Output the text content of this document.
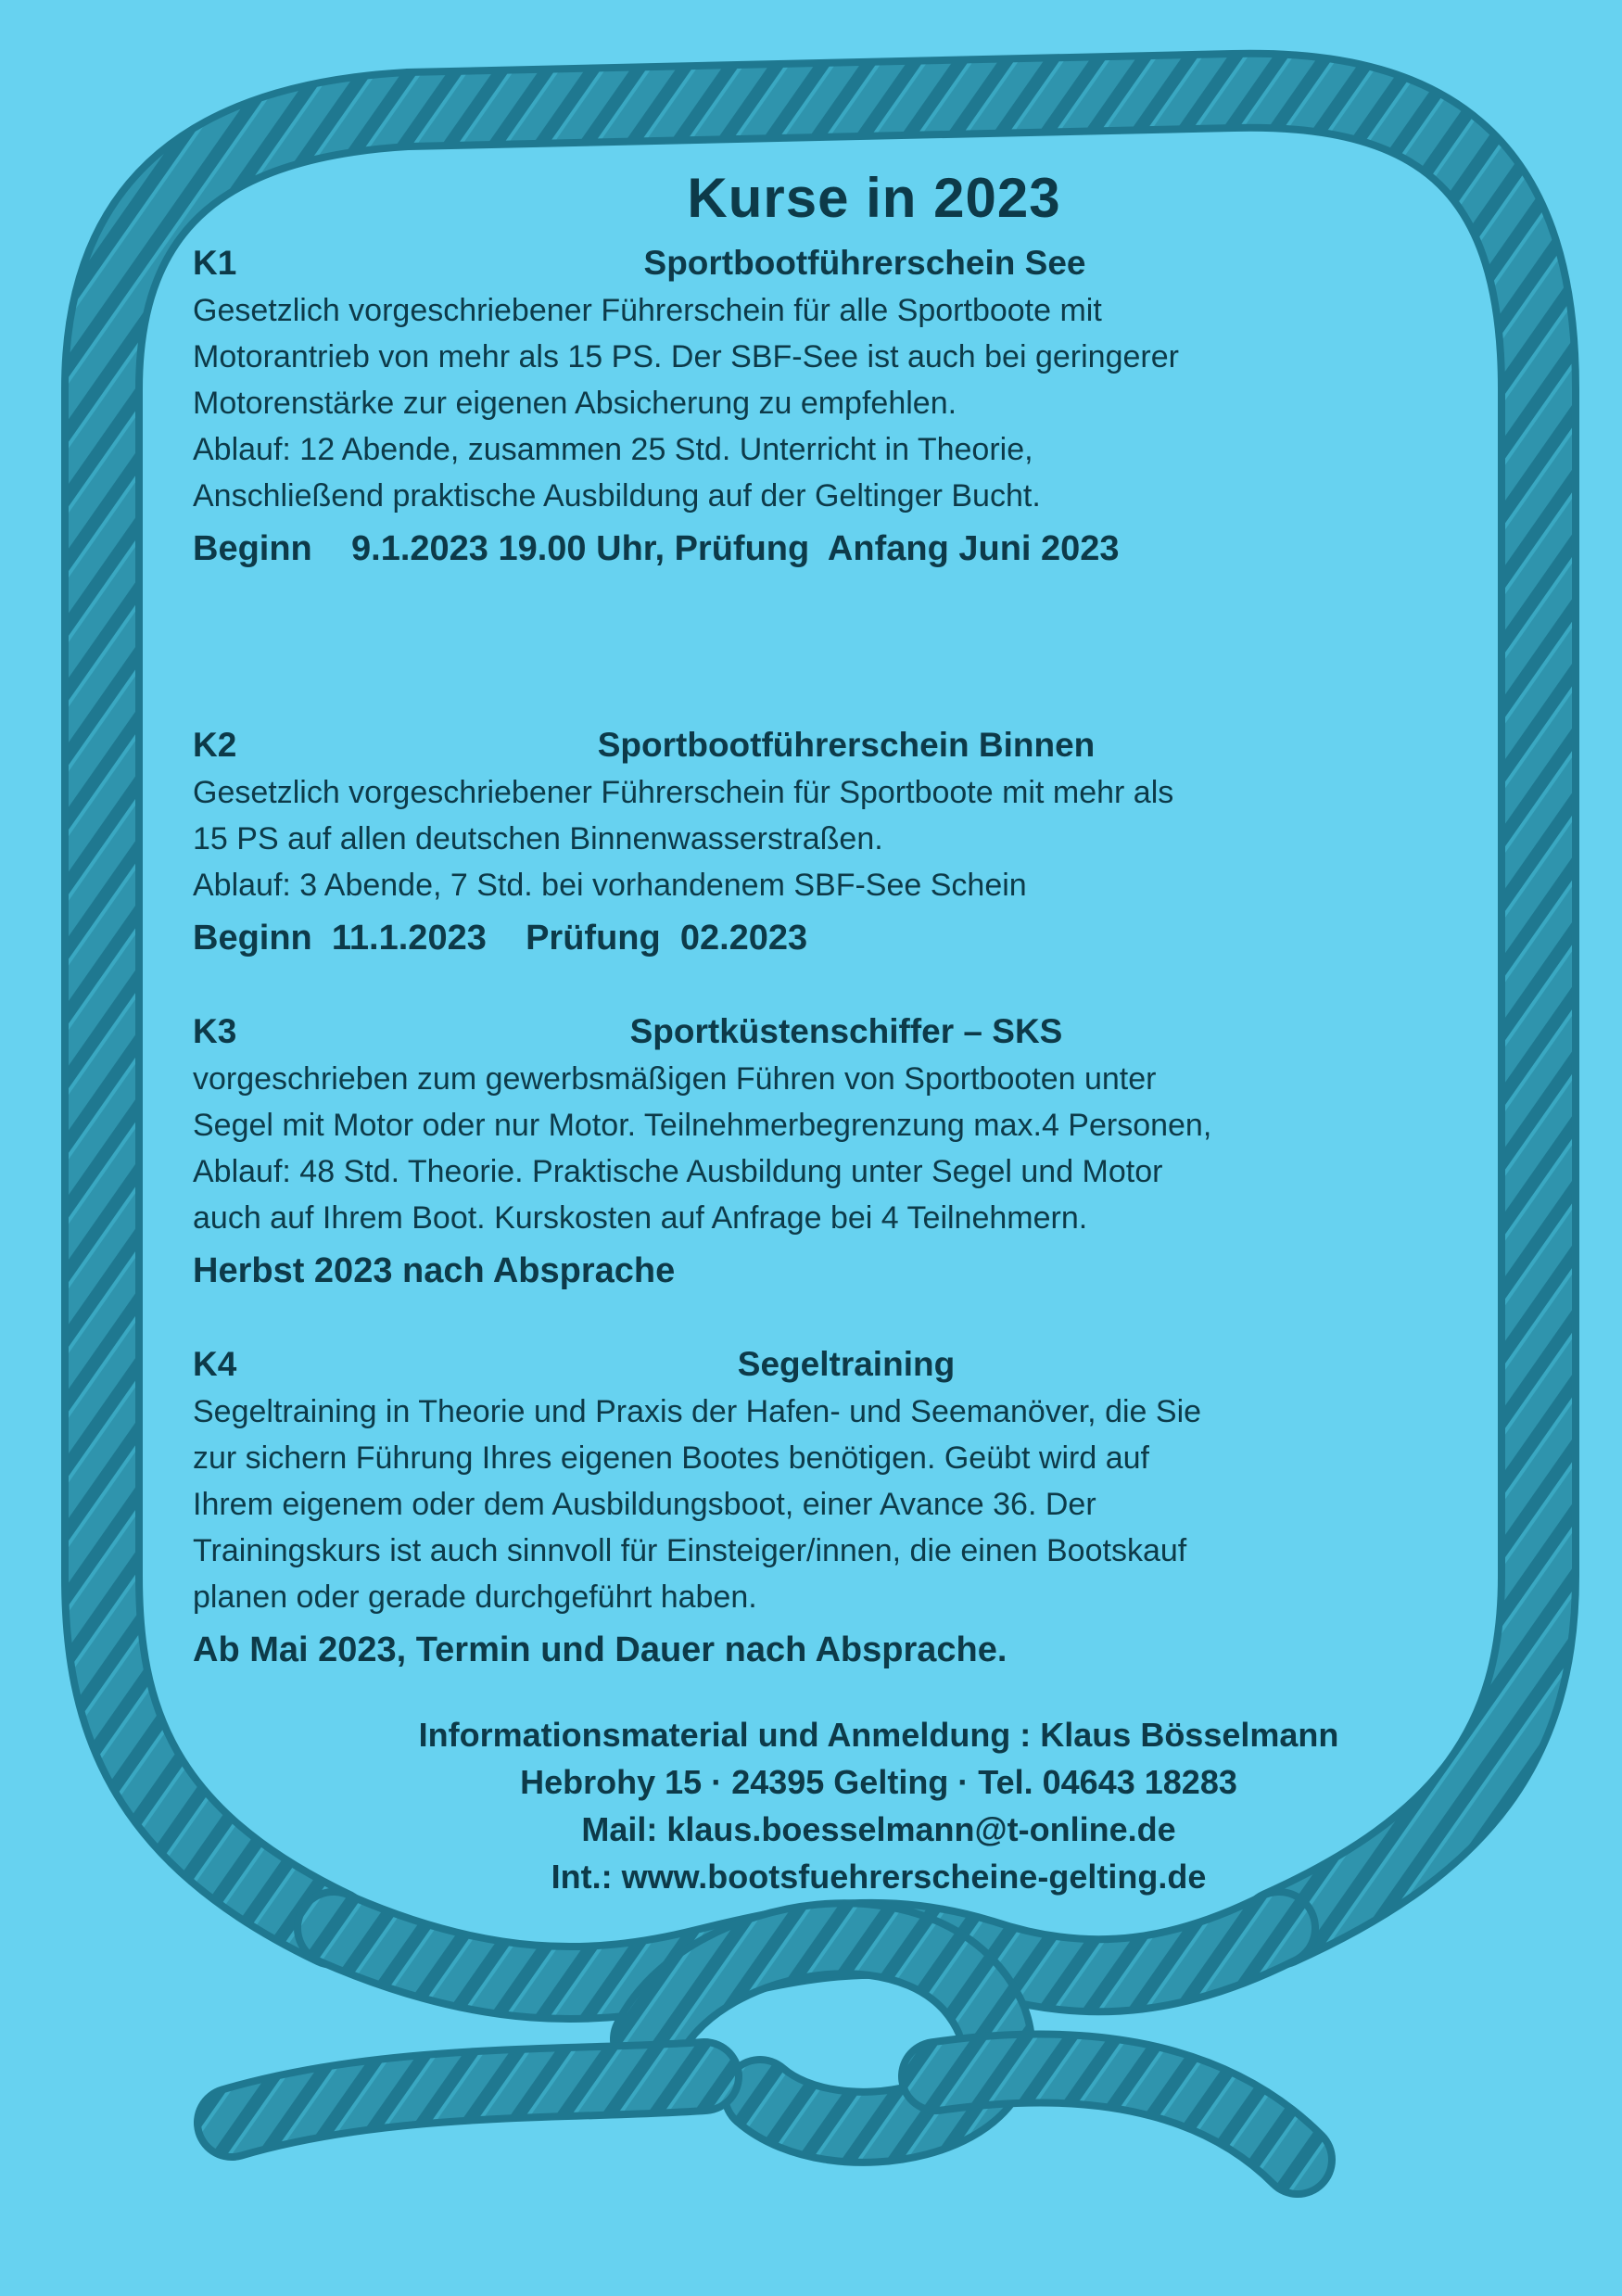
Kurse in 2023
K1	Sportbootführerschein See

Gesetzlich vorgeschriebener Führerschein für alle Sportboote mit
Motorantrieb von mehr als 15 PS. Der SBF-See ist auch bei geringerer
Motorenstärke zur eigenen Absicherung zu empfehlen.
Ablauf: 12 Abende, zusammen 25 Std. Unterricht in Theorie,
Anschließend praktische Ausbildung auf der Geltinger Bucht.

Beginn    9.1.2023 19.00 Uhr, Prüfung  Anfang Juni 2023
K2	Sportbootführerschein Binnen

Gesetzlich vorgeschriebener Führerschein für Sportboote mit mehr als
15 PS auf allen deutschen Binnenwasserstraßen.
Ablauf: 3 Abende, 7 Std. bei vorhandenem SBF-See Schein

Beginn  11.1.2023    Prüfung  02.2023
K3	Sportküstenschiffer – SKS

vorgeschrieben zum gewerbsmäßigen Führen von Sportbooten unter
Segel mit Motor oder nur Motor. Teilnehmerbegrenzung max.4 Personen,
Ablauf: 48 Std. Theorie. Praktische Ausbildung unter Segel und Motor
auch auf Ihrem Boot. Kurskosten auf Anfrage bei 4 Teilnehmern.

Herbst 2023 nach Absprache
K4	Segeltraining

Segeltraining in Theorie und Praxis der Hafen- und Seemanöver, die Sie
zur sichern Führung Ihres eigenen Bootes benötigen. Geübt wird auf
Ihrem eigenem oder dem Ausbildungsboot, einer Avance 36. Der
Trainingskurs ist auch sinnvoll für Einsteiger/innen, die einen Bootskauf
planen oder gerade durchgeführt haben.

Ab Mai 2023, Termin und Dauer nach Absprache.
Informationsmaterial und Anmeldung : Klaus Bösselmann
Hebrohy 15 · 24395 Gelting · Tel. 04643 18283
Mail: klaus.boesselmann@t-online.de
Int.: www.bootsfuehrerscheine-gelting.de
